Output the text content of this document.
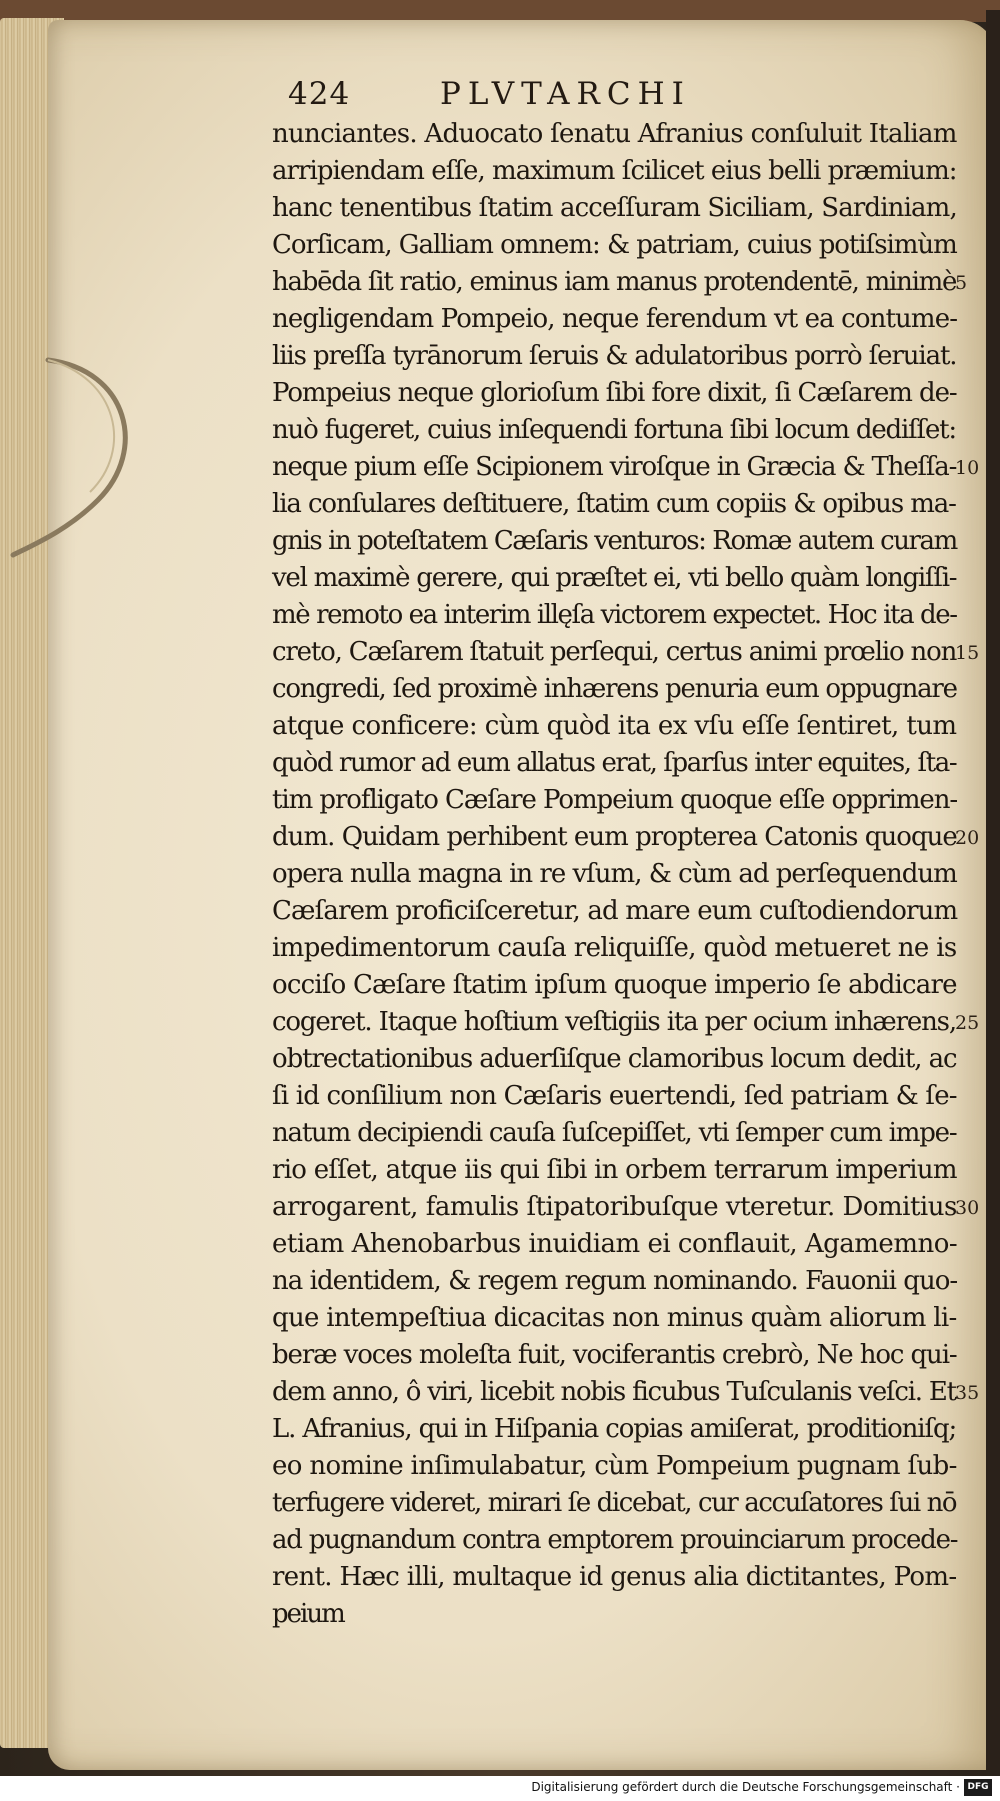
424	PLVTARCHI
nunciantes. Aduocato ſenatu Afranius conſuluit Italiam
arripiendam eſſe, maximum ſcilicet eius belli præmium:
hanc tenentibus ſtatim acceſſuram Siciliam, Sardiniam,
Corſicam, Galliam omnem: & patriam, cuius potiſsimùm
habēda ſit ratio, eminus iam manus protendentē, minimè
negligendam Pompeio, neque ferendum vt ea contume-
liis preſſa tyrānorum ſeruis & adulatoribus porrò ſeruiat.
Pompeius neque glorioſum ſibi fore dixit, ſi Cæſarem de-
nuò fugeret, cuius inſequendi fortuna ſibi locum dediſſet:
neque pium eſſe Scipionem viroſque in Græcia & Theſſa-
lia conſulares deſtituere, ſtatim cum copiis & opibus ma-
gnis in poteſtatem Cæſaris venturos: Romæ autem curam
vel maximè gerere, qui præſtet ei, vti bello quàm longiſſi-
mè remoto ea interim illęſa victorem expectet. Hoc ita de-
creto, Cæſarem ſtatuit perſequi, certus animi prœlio non
congredi, ſed proximè inhærens penuria eum oppugnare
atque conficere: cùm quòd ita ex vſu eſſe ſentiret, tum
quòd rumor ad eum allatus erat, ſparſus inter equites, ſta-
tim profligato Cæſare Pompeium quoque eſſe opprimen-
dum. Quidam perhibent eum propterea Catonis quoque
opera nulla magna in re vſum, & cùm ad perſequendum
Cæſarem proficiſceretur, ad mare eum cuſtodiendorum
impedimentorum cauſa reliquiſſe, quòd metueret ne is
occiſo Cæſare ſtatim ipſum quoque imperio ſe abdicare
cogeret. Itaque hoſtium veſtigiis ita per ocium inhærens,
obtrectationibus aduerſiſque clamoribus locum dedit, ac
ſi id conſilium non Cæſaris euertendi, ſed patriam & ſe-
natum decipiendi cauſa ſuſcepiſſet, vti ſemper cum impe-
rio eſſet, atque iis qui ſibi in orbem terrarum imperium
arrogarent, famulis ſtipatoribuſque vteretur. Domitius
etiam Ahenobarbus inuidiam ei conflauit, Agamemno-
na identidem, & regem regum nominando. Fauonii quo-
que intempeſtiua dicacitas non minus quàm aliorum li-
beræ voces moleſta fuit, vociferantis crebrò, Ne hoc qui-
dem anno, ô viri, licebit nobis ficubus Tuſculanis veſci. Et
L. Afranius, qui in Hiſpania copias amiſerat, proditioniſq;
eo nomine inſimulabatur, cùm Pompeium pugnam ſub-
terfugere videret, mirari ſe dicebat, cur accuſatores ſui nō
ad pugnandum contra emptorem prouinciarum procede-
rent. Hæc illi, multaque id genus alia dictitantes, Pom-
peium
5
10
15
20
25
30
35
Digitalisierung gefördert durch die Deutsche Forschungsgemeinschaft · DFG
